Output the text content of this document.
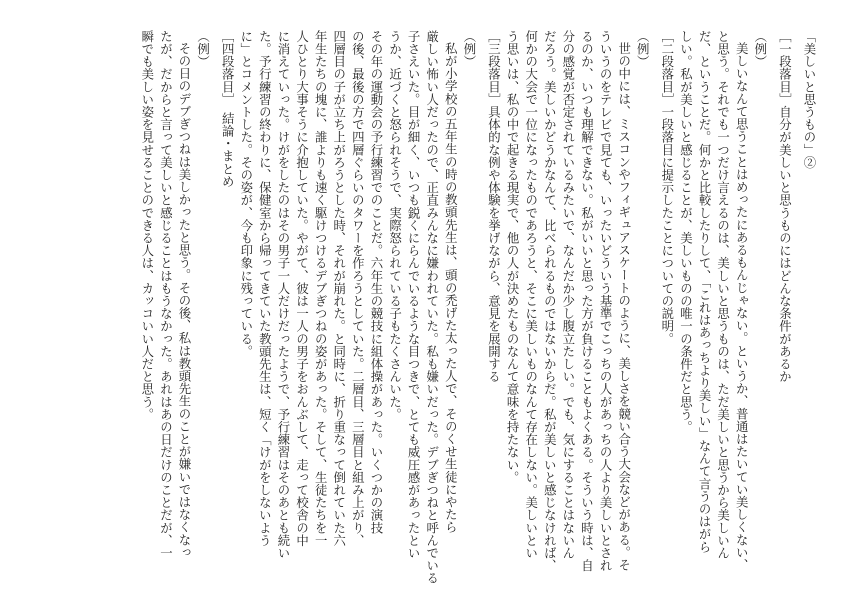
「美しいと思うもの」②
［一段落目］自分が美しいと思うものにはどんな条件があるか
（例）
美しいなんて思うことはめったにあるもんじゃない。というか、普通はたいてい美しくない、
と思う。それでも一つだけ言えるのは、美しいと思うものは、ただ美しいと思うから美しいん
だ、ということだ。何かと比較したりして、「これはあっちより美しい」なんて言うのはがら
しい。私が美しいと感じることが、美しいものの唯一の条件だと思う。
［二段落目］一段落目に提示したことについての説明。
（例）
世の中には、ミスコンやフィギュアスケートのように、美しさを競い合う大会などがある。そ
ういうのをテレビで見ても、いったいどういう基準でこっちの人があっちの人より美しいとされ
るのか、いつも理解できない。私がいいと思った方が負けることもよくある。そういう時は、自
分の感覚が否定されているみたいで、なんだか少し腹立たしい。でも、気にすることはないん
だろう。美しいかどうかなんて、比べられるものではないからだ。私が美しいと感じなければ、
何かの大会で一位になったものであろうと、そこに美しいものなんて存在しない。美しいとい
う思いは、私の中で起きる現実で、他の人が決めたものなんて意味を持たない。
［三段落目］具体的な例や体験を挙げながら、意見を展開する
（例）
私が小学校の五年生の時の教頭先生は、頭の禿げた太った人で、そのくせ生徒にやたら
厳しい怖い人だったので、正直みんなに嫌われていた。私も嫌いだった。デブぎつねと呼んでいる
子さえいた。目が細く、いつも鋭くにらんでいるような目つきで、とても威圧感があったとい
うか、近づくと怒られそうで、実際怒られている子もたくさんいた。
その年の運動会の予行練習でのことだ。六年生の競技に組体操があった。いくつかの演技
の後、最後の方で四層ぐらいのタワーを作ろうとしていた。二層目、三層目と組み上がり、
四層目の子が立ち上がろうとした時、それが崩れた。と同時に、折り重なって倒れていた六
年生たちの塊に、誰よりも速く駆けつけるデブぎつねの姿があった。そして、生徒たちを一
人ひとり大事そうに介抱していた。やがて、彼は一人の男子をおんぶして、走って校舎の中
に消えていった。けがをしたのはその男子一人だけだったようで、予行練習はそのあとも続い
た。予行練習の終わりに、保健室から帰ってきていた教頭先生は、短く「けがをしないよう
に」とコメントした。その姿が、今も印象に残っている。
［四段落目］　結論・まとめ
（例）
その日のデブぎつねは美しかったと思う。その後、私は教頭先生のことが嫌いではなくなっ
たが、だからと言って美しいと感じることはもうなかった。あれはあの日だけのことだが、一
瞬でも美しい姿を見せることのできる人は、カッコいい人だと思う。
